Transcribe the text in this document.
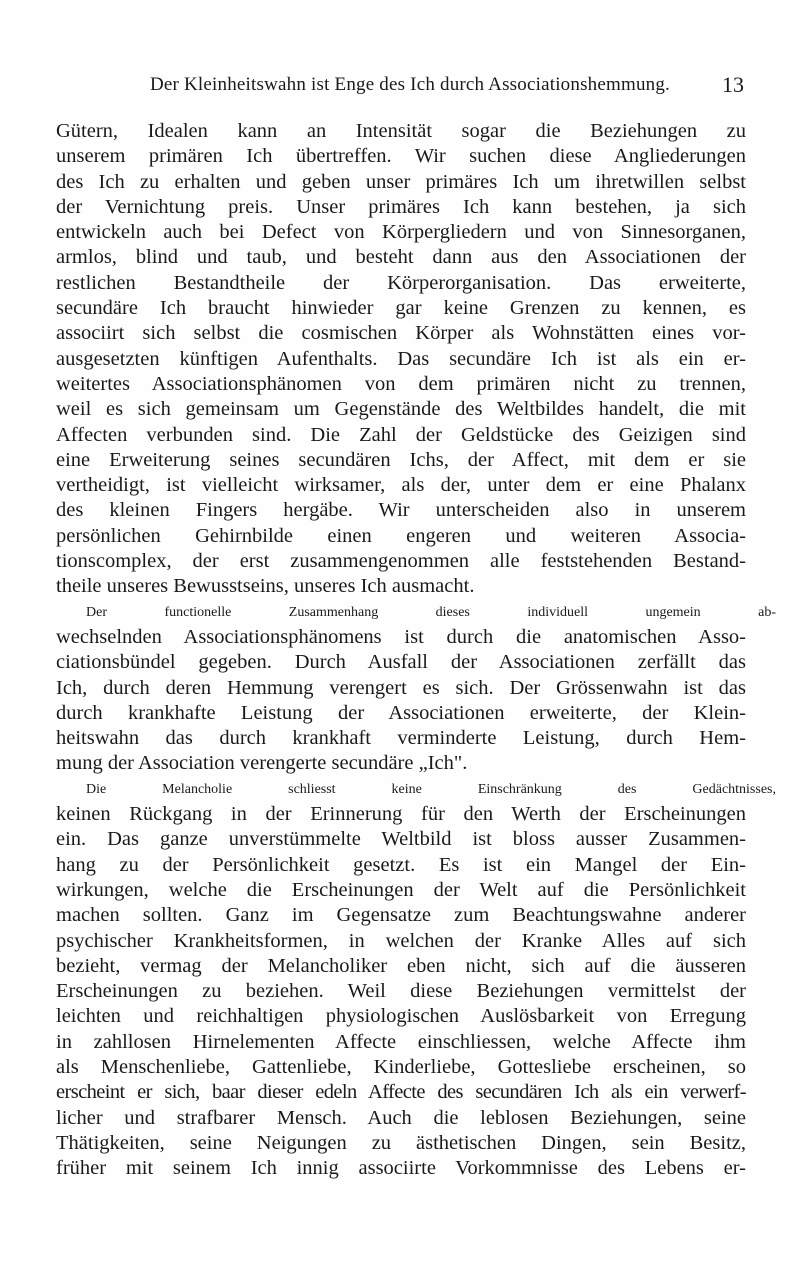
Der Kleinheitswahn ist Enge des Ich durch Associationshemmung.	13
Gütern, Idealen kann an Intensität sogar die Beziehungen zu
unserem primären Ich übertreffen. Wir suchen diese Angliederungen
des Ich zu erhalten und geben unser primäres Ich um ihretwillen selbst
der Vernichtung preis. Unser primäres Ich kann bestehen, ja sich
entwickeln auch bei Defect von Körpergliedern und von Sinnesorganen,
armlos, blind und taub, und besteht dann aus den Associationen der
restlichen Bestandtheile der Körperorganisation. Das erweiterte,
secundäre Ich braucht hinwieder gar keine Grenzen zu kennen, es
associirt sich selbst die cosmischen Körper als Wohnstätten eines vor-
ausgesetzten künftigen Aufenthalts. Das secundäre Ich ist als ein er-
weitertes Associationsphänomen von dem primären nicht zu trennen,
weil es sich gemeinsam um Gegenstände des Weltbildes handelt, die mit
Affecten verbunden sind. Die Zahl der Geldstücke des Geizigen sind
eine Erweiterung seines secundären Ichs, der Affect, mit dem er sie
vertheidigt, ist vielleicht wirksamer, als der, unter dem er eine Phalanx
des kleinen Fingers hergäbe. Wir unterscheiden also in unserem
persönlichen Gehirnbilde einen engeren und weiteren Associa-
tionscomplex, der erst zusammengenommen alle feststehenden Bestand-
theile unseres Bewusstseins, unseres Ich ausmacht.
Der functionelle Zusammenhang dieses individuell ungemein ab-
wechselnden Associationsphänomens ist durch die anatomischen Asso-
ciationsbündel gegeben. Durch Ausfall der Associationen zerfällt das
Ich, durch deren Hemmung verengert es sich. Der Grössenwahn ist das
durch krankhafte Leistung der Associationen erweiterte, der Klein-
heitswahn das durch krankhaft verminderte Leistung, durch Hem-
mung der Association verengerte secundäre „Ich".
Die Melancholie schliesst keine Einschränkung des Gedächtnisses,
keinen Rückgang in der Erinnerung für den Werth der Erscheinungen
ein. Das ganze unverstümmelte Weltbild ist bloss ausser Zusammen-
hang zu der Persönlichkeit gesetzt. Es ist ein Mangel der Ein-
wirkungen, welche die Erscheinungen der Welt auf die Persönlichkeit
machen sollten. Ganz im Gegensatze zum Beachtungswahne anderer
psychischer Krankheitsformen, in welchen der Kranke Alles auf sich
bezieht, vermag der Melancholiker eben nicht, sich auf die äusseren
Erscheinungen zu beziehen. Weil diese Beziehungen vermittelst der
leichten und reichhaltigen physiologischen Auslösbarkeit von Erregung
in zahllosen Hirnelementen Affecte einschliessen, welche Affecte ihm
als Menschenliebe, Gattenliebe, Kinderliebe, Gottesliebe erscheinen, so
erscheint er sich, baar dieser edeln Affecte des secundären Ich als ein verwerf-
licher und strafbarer Mensch. Auch die leblosen Beziehungen, seine
Thätigkeiten, seine Neigungen zu ästhetischen Dingen, sein Besitz,
früher mit seinem Ich innig associirte Vorkommnisse des Lebens er-
